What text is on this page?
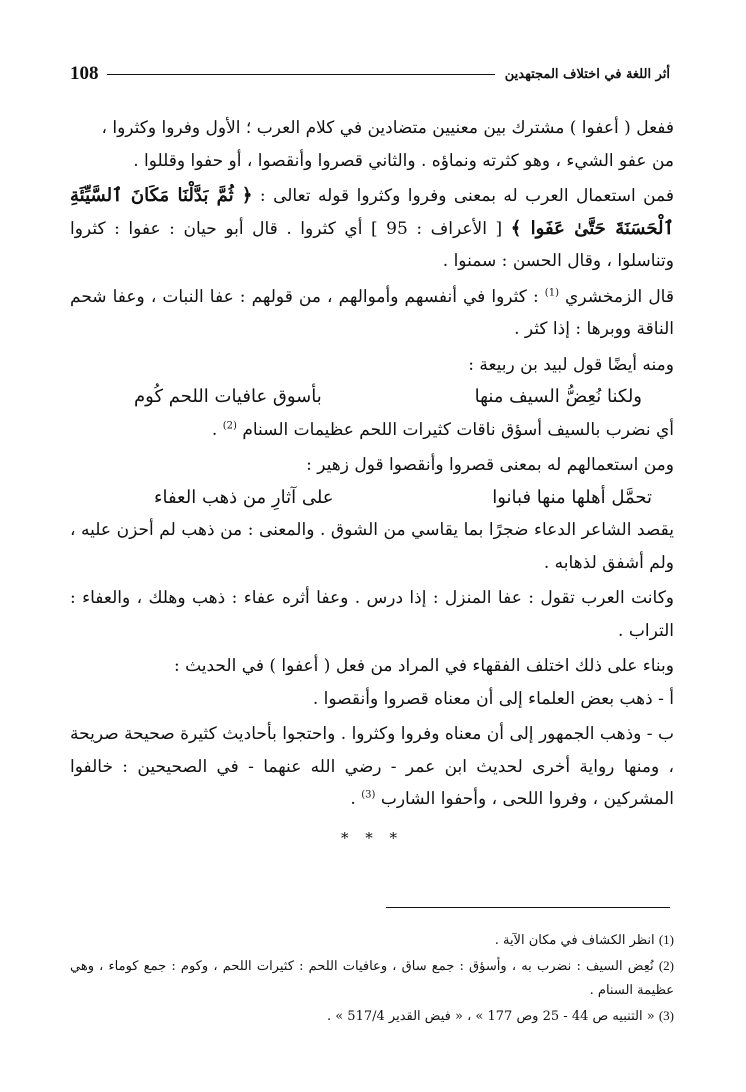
108	أثر اللغة في اختلاف المجتهدين

ففعل ( أعفوا ) مشترك بين معنيين متضادين في كلام العرب ؛ الأول وفروا وكثروا ،

من عفو الشيء ، وهو كثرته ونماؤه . والثاني قصروا وأنقصوا ، أو حفوا وقللوا .

فمن استعمال العرب له بمعنى وفروا وكثروا قوله تعالى : ﴿ ثُمَّ بَدَّلْنَا مَكَانَ ٱلسَّيِّئَةِ ٱلْحَسَنَةَ حَتَّىٰ عَفَوا ﴾ [ الأعراف : 95 ] أي كثروا . قال أبو حيان : عفوا : كثروا وتناسلوا ، وقال الحسن : سمنوا .

قال الزمخشري $^{(1)}$ : كثروا في أنفسهم وأموالهم ، من قولهم : عفا النبات ، وعفا شحم الناقة ووبرها : إذا كثر .

ومنه أيضًا قول لبيد بن ربيعة :

ولكنا نُعِضُّ السيف منها
بأسوق عافيات اللحم كُوم

أي نضرب بالسيف أسؤق ناقات كثيرات اللحم عظيمات السنام $^{(2)}$ .

ومن استعمالهم له بمعنى قصروا وأنقصوا قول زهير :

تحمَّل أهلها منها فبانوا
على آثارِ من ذهب العفاء

يقصد الشاعر الدعاء ضجرًا بما يقاسي من الشوق . والمعنى : من ذهب لم أحزن عليه ، ولم أشفق لذهابه .

وكانت العرب تقول : عفا المنزل : إذا درس . وعفا أثره عفاء : ذهب وهلك ، والعفاء : التراب .

وبناء على ذلك اختلف الفقهاء في المراد من فعل ( أعفوا ) في الحديث :

أ - ذهب بعض العلماء إلى أن معناه قصروا وأنقصوا .

ب - وذهب الجمهور إلى أن معناه وفروا وكثروا . واحتجوا بأحاديث كثيرة صحيحة صريحة ، ومنها رواية أخرى لحديث ابن عمر - رضي الله عنهما - في الصحيحين : خالفوا المشركين ، وفروا اللحى ، وأحفوا الشارب $^{(3)}$ .

* * *

(1) انظر الكشاف في مكان الآية .

(2) نُعِض السيف : نضرب به ، وأسؤق : جمع ساق ، وعافيات اللحم : كثيرات اللحم ، وكوم : جمع كوماء ، وهي عظيمة السنام .

(3) « التنبيه ص 44 - 25 وص 177 » ، « فيض القدير 517/4 » .
